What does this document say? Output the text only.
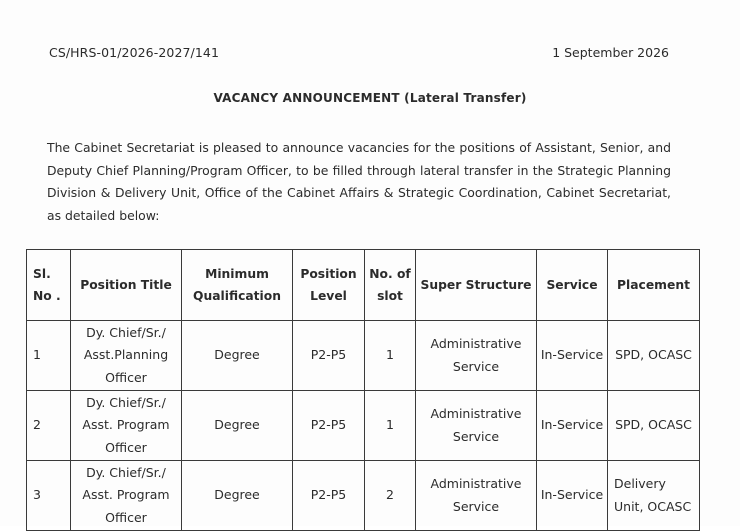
CS/HRS-01/2026-2027/141	1 September 2026
VACANCY ANNOUNCEMENT (Lateral Transfer)
The Cabinet Secretariat is pleased to announce vacancies for the positions of Assistant, Senior, and Deputy Chief Planning/Program Officer, to be filled through lateral transfer in the Strategic Planning Division & Delivery Unit, Office of the Cabinet Affairs & Strategic Coordination, Cabinet Secretariat, as detailed below:
Sl. No .	Position Title	Minimum Qualification	Position Level	No. of slot	Super Structure	Service	Placement
1	Dy. Chief/Sr./ Asst.Planning Officer	Degree	P2-P5	1	Administrative Service	In-Service	SPD, OCASC
2	Dy. Chief/Sr./ Asst. Program Officer	Degree	P2-P5	1	Administrative Service	In-Service	SPD, OCASC
3	Dy. Chief/Sr./ Asst. Program Officer	Degree	P2-P5	2	Administrative Service	In-Service	Delivery Unit, OCASC
